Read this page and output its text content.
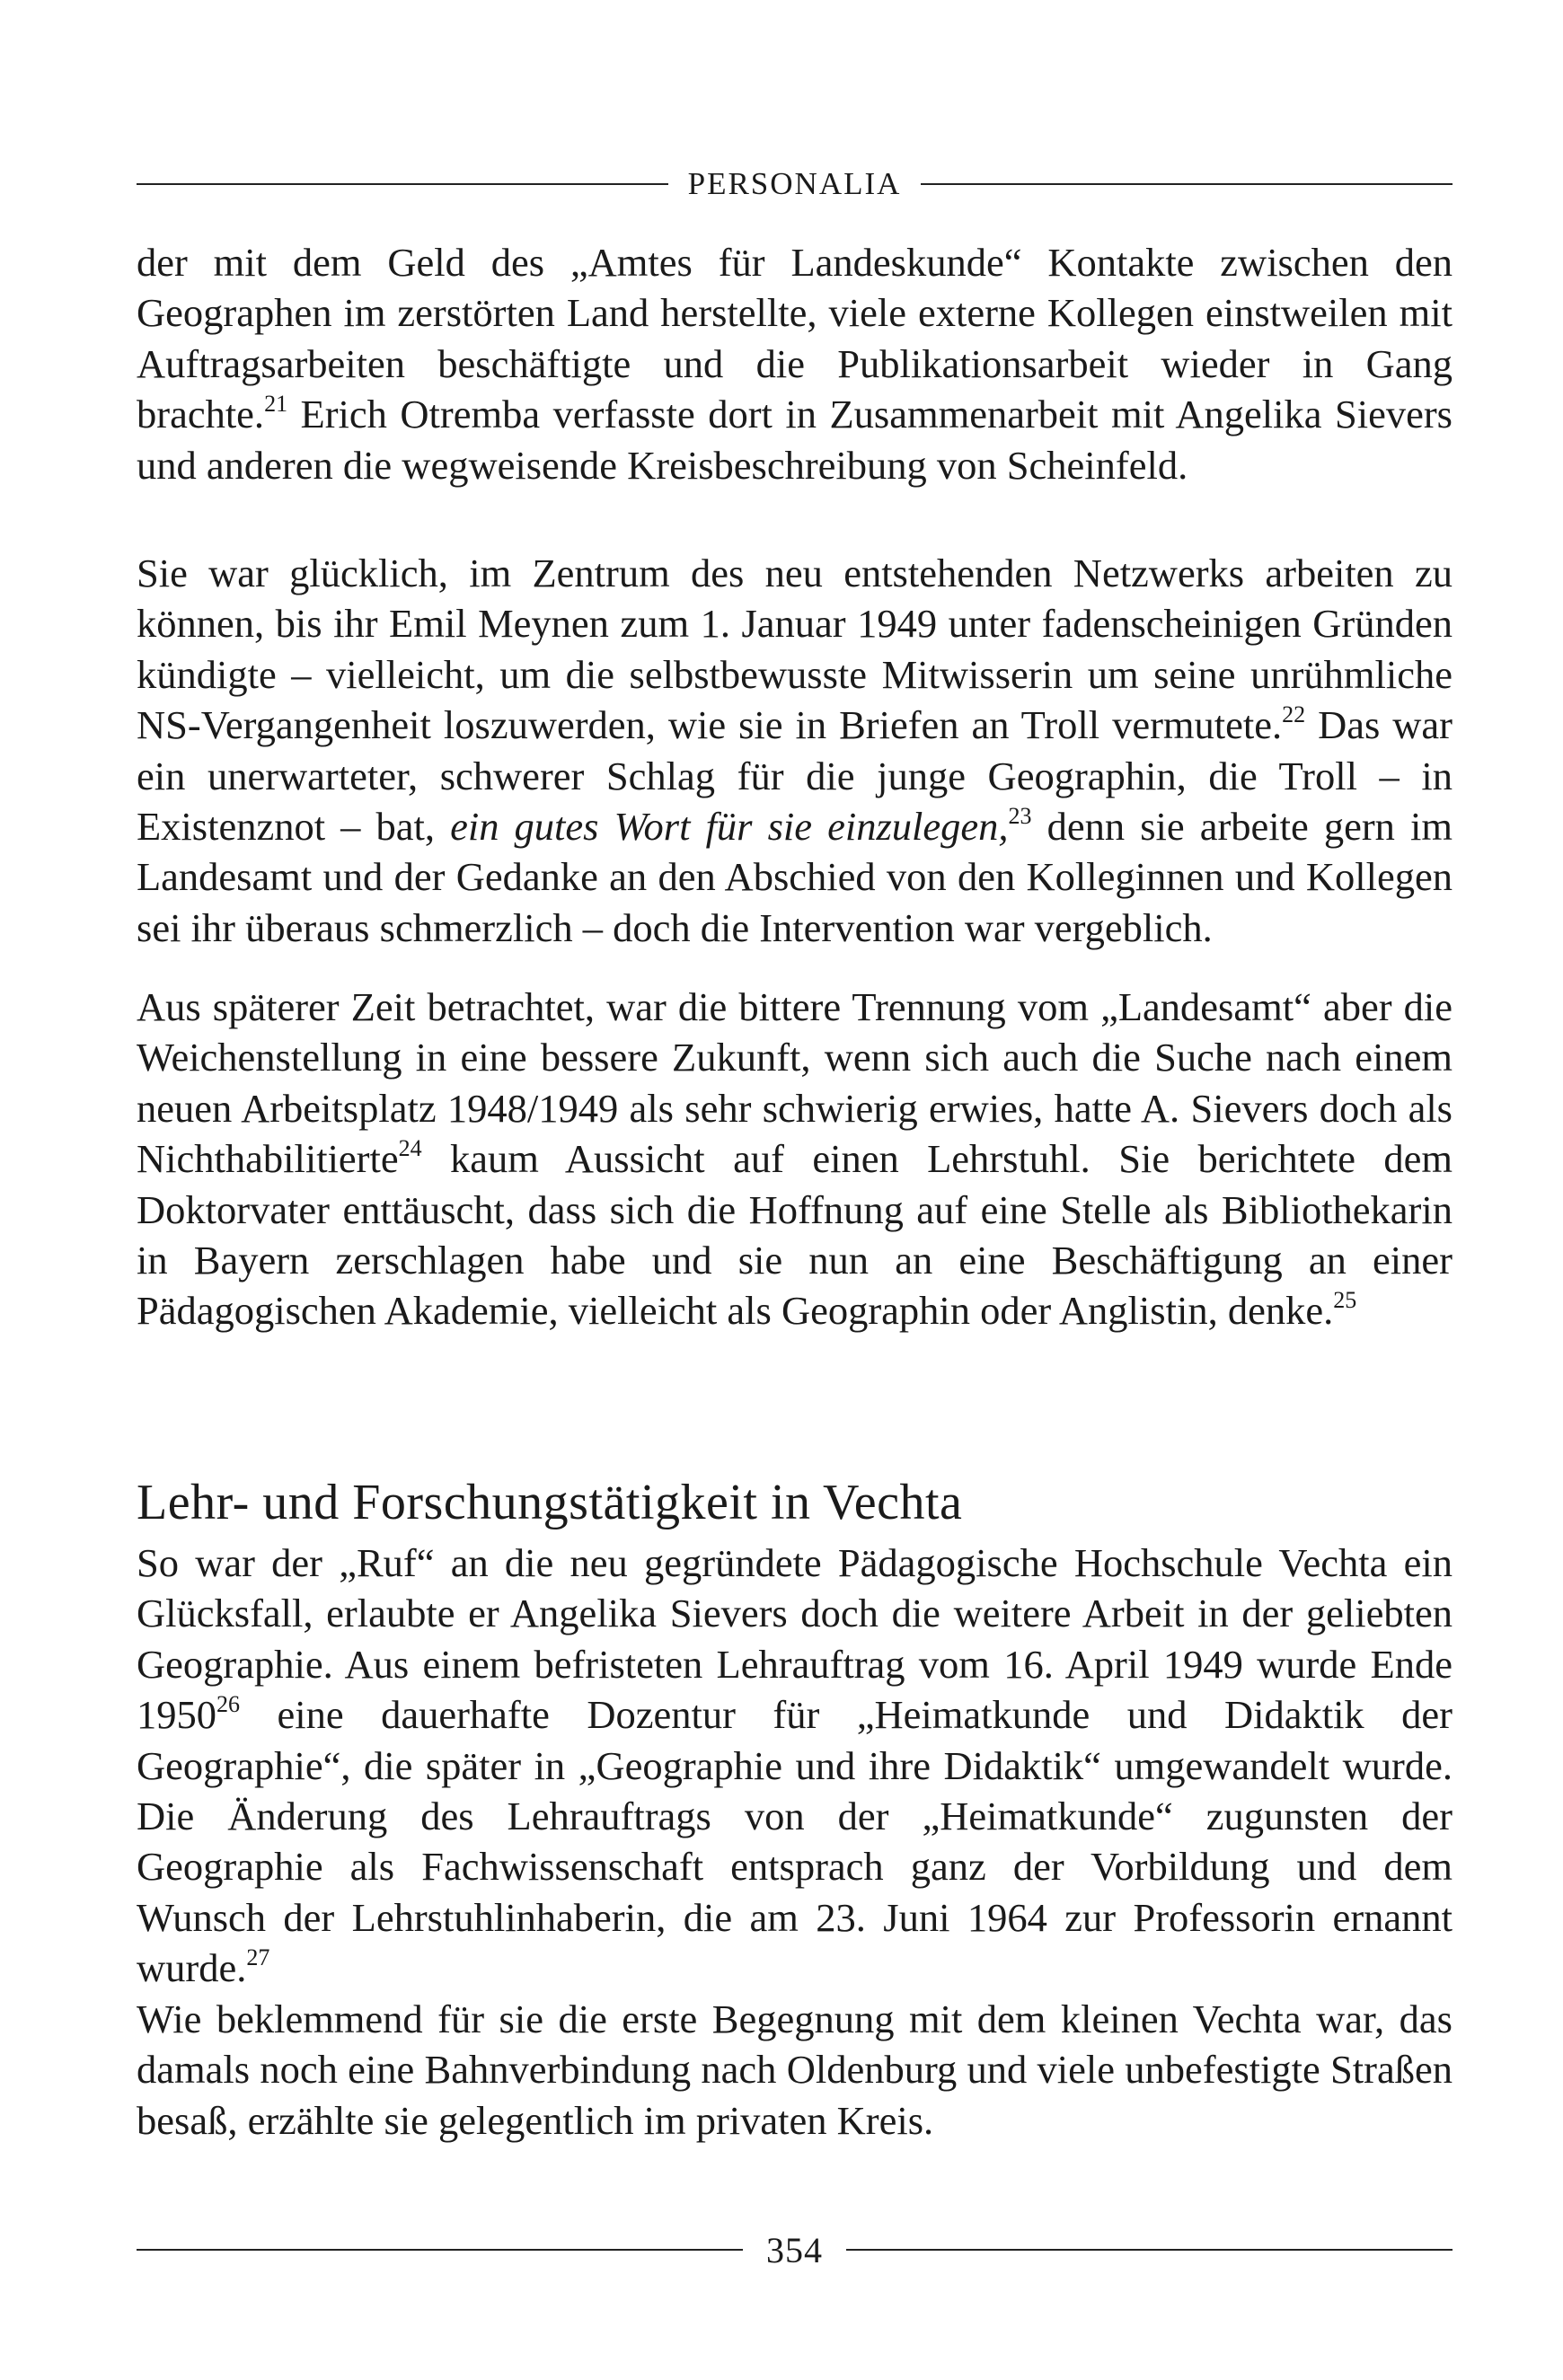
PERSONALIA

der mit dem Geld des „Amtes für Landeskunde“ Kontakte zwischen den Geographen im zerstörten Land herstellte, viele externe Kollegen einstweilen mit Auftragsarbeiten beschäftigte und die Publikationsarbeit wieder in Gang brachte.$^{21}$ Erich Otremba verfasste dort in Zusammenarbeit mit Angelika Sievers und anderen die wegweisende Kreisbeschreibung von Scheinfeld.

Sie war glücklich, im Zentrum des neu entstehenden Netzwerks arbeiten zu können, bis ihr Emil Meynen zum 1. Januar 1949 unter fadenscheinigen Gründen kündigte – vielleicht, um die selbstbewusste Mitwisserin um seine unrühmliche NS-Vergangenheit loszuwerden, wie sie in Briefen an Troll vermutete.$^{22}$ Das war ein unerwarteter, schwerer Schlag für die junge Geographin, die Troll – in Existenznot – bat, ein gutes Wort für sie einzulegen,$^{23}$ denn sie arbeite gern im Landesamt und der Gedanke an den Abschied von den Kolleginnen und Kollegen sei ihr überaus schmerzlich – doch die Intervention war vergeblich.

Aus späterer Zeit betrachtet, war die bittere Trennung vom „Landesamt“ aber die Weichenstellung in eine bessere Zukunft, wenn sich auch die Suche nach einem neuen Arbeitsplatz 1948/1949 als sehr schwierig erwies, hatte A. Sievers doch als Nichthabilitierte$^{24}$ kaum Aussicht auf einen Lehrstuhl. Sie berichtete dem Doktorvater enttäuscht, dass sich die Hoffnung auf eine Stelle als Bibliothekarin in Bayern zerschlagen habe und sie nun an eine Beschäftigung an einer Pädagogischen Akademie, vielleicht als Geographin oder Anglistin, denke.$^{25}$

Lehr- und Forschungstätigkeit in Vechta

So war der „Ruf“ an die neu gegründete Pädagogische Hochschule Vechta ein Glücksfall, erlaubte er Angelika Sievers doch die weitere Arbeit in der geliebten Geographie. Aus einem befristeten Lehrauftrag vom 16. April 1949 wurde Ende 1950$^{26}$ eine dauerhafte Dozentur für „Heimatkunde und Didaktik der Geographie“, die später in „Geographie und ihre Didaktik“ umgewandelt wurde. Die Änderung des Lehrauftrags von der „Heimatkunde“ zugunsten der Geographie als Fachwissenschaft entsprach ganz der Vorbildung und dem Wunsch der Lehrstuhlinhaberin, die am 23. Juni 1964 zur Professorin ernannt wurde.$^{27}$

Wie beklemmend für sie die erste Begegnung mit dem kleinen Vechta war, das damals noch eine Bahnverbindung nach Oldenburg und viele unbefestigte Straßen besaß, erzählte sie gelegentlich im privaten Kreis.

354
